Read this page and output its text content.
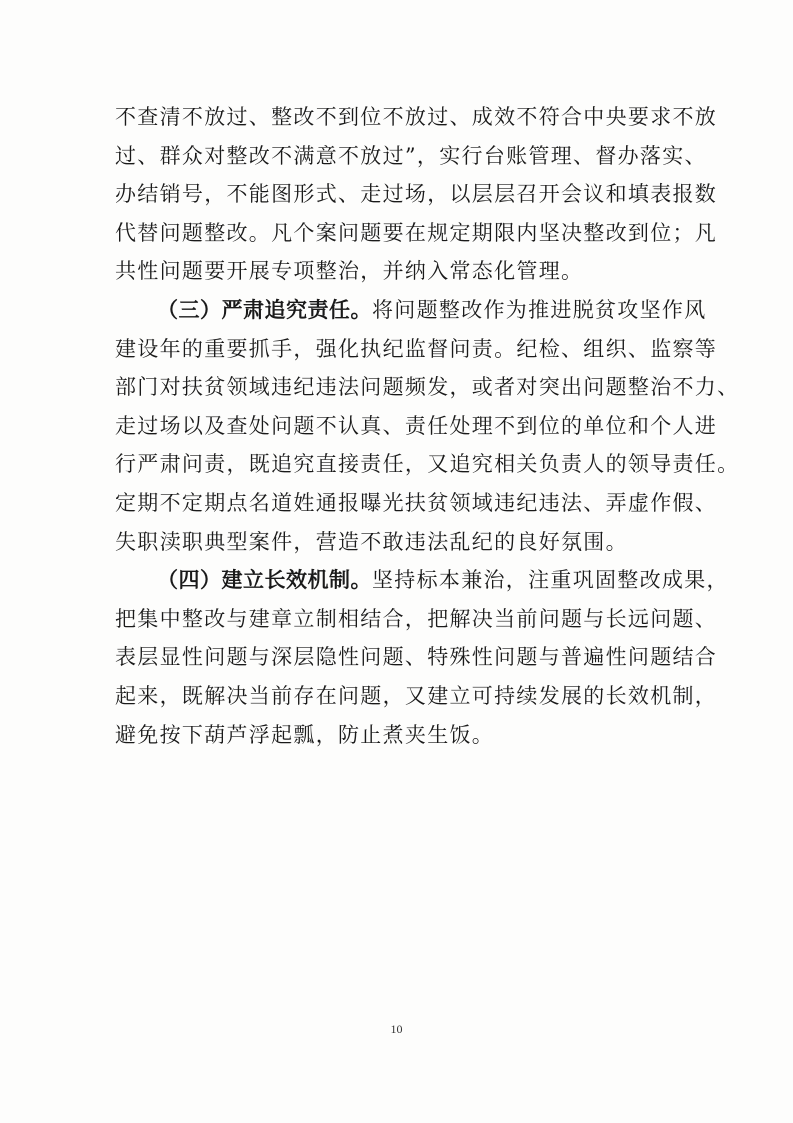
不查清不放过、整改不到位不放过、成效不符合中央要求不放
过、群众对整改不满意不放过”，实行台账管理、督办落实、
办结销号，不能图形式、走过场，以层层召开会议和填表报数
代替问题整改。凡个案问题要在规定期限内坚决整改到位；凡
共性问题要开展专项整治，并纳入常态化管理。
（三）严肃追究责任。将问题整改作为推进脱贫攻坚作风
建设年的重要抓手，强化执纪监督问责。纪检、组织、监察等
部门对扶贫领域违纪违法问题频发，或者对突出问题整治不力、
走过场以及查处问题不认真、责任处理不到位的单位和个人进
行严肃问责，既追究直接责任，又追究相关负责人的领导责任。
定期不定期点名道姓通报曝光扶贫领域违纪违法、弄虚作假、
失职渎职典型案件，营造不敢违法乱纪的良好氛围。
（四）建立长效机制。坚持标本兼治，注重巩固整改成果，
把集中整改与建章立制相结合，把解决当前问题与长远问题、
表层显性问题与深层隐性问题、特殊性问题与普遍性问题结合
起来，既解决当前存在问题，又建立可持续发展的长效机制，
避免按下葫芦浮起瓢，防止煮夹生饭。
10
